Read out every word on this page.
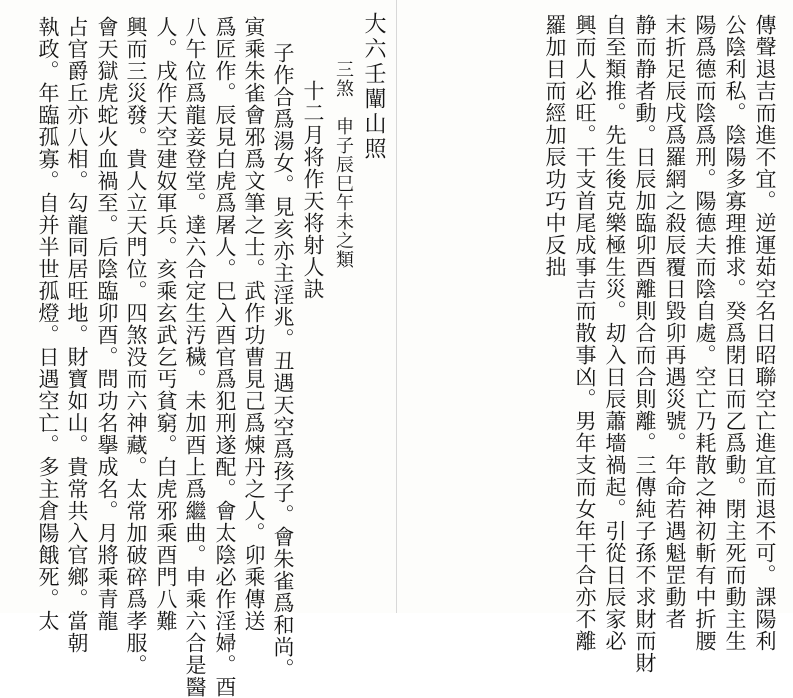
大六壬闡山照
三煞　申子辰巳午未之類
十二月将作天将射人訣
子作合爲湯女。見亥亦主淫兆。丑遇天空爲孩子。會朱雀爲和尚。
寅乘朱雀會邪爲文筆之士。武作功曹見己爲煉丹之人。卯乘傳送
爲匠作。辰見白虎爲屠人。巳入酉官爲犯刑遂配。會太陰必作淫婦。酉
八午位爲龍妾登堂。達六合定生汚穢。未加酉上爲繼曲。申乘六合是醫
人。戌作天空建奴軍兵。亥乘玄武乞丐貧窮。白虎邪乘酉門八難
興而三災發。貴人立天門位。四煞没而六神藏。太常加破碎爲孝服。
會天獄虎蛇火血禍至。后陰臨卯酉。問功名擧成名。月將乘青龍
占官爵丘亦八相。勾龍同居旺地。財寶如山。貴常共入官鄉。當朝
執政。年臨孤寡。自并半世孤燈。日遇空亡。多主倉陽餓死。太	傳聲退吉而進不宜。逆運茹空名日昭聯空亡進宜而退不可。課陽利
公陰利私。陰陽多寡理推求。癸爲閉日而乙爲動。閉主死而動主生
陽爲德而陰爲刑。陽德夫而陰自處。空亡乃耗散之神初斬有中折腰
末折足辰戌爲羅網之殺辰覆日毀卯再遇災號。年命若遇魁罡動者
静而静者動。日辰加臨卯酉離則合而合則離。三傳純子孫不求財而財
自至類推。先生後克樂極生災。刧入日辰蕭墻禍起。引從日辰家必
興而人必旺。干支首尾成事吉而散事凶。男年支而女年干合亦不離
羅加日而經加辰功巧中反拙
